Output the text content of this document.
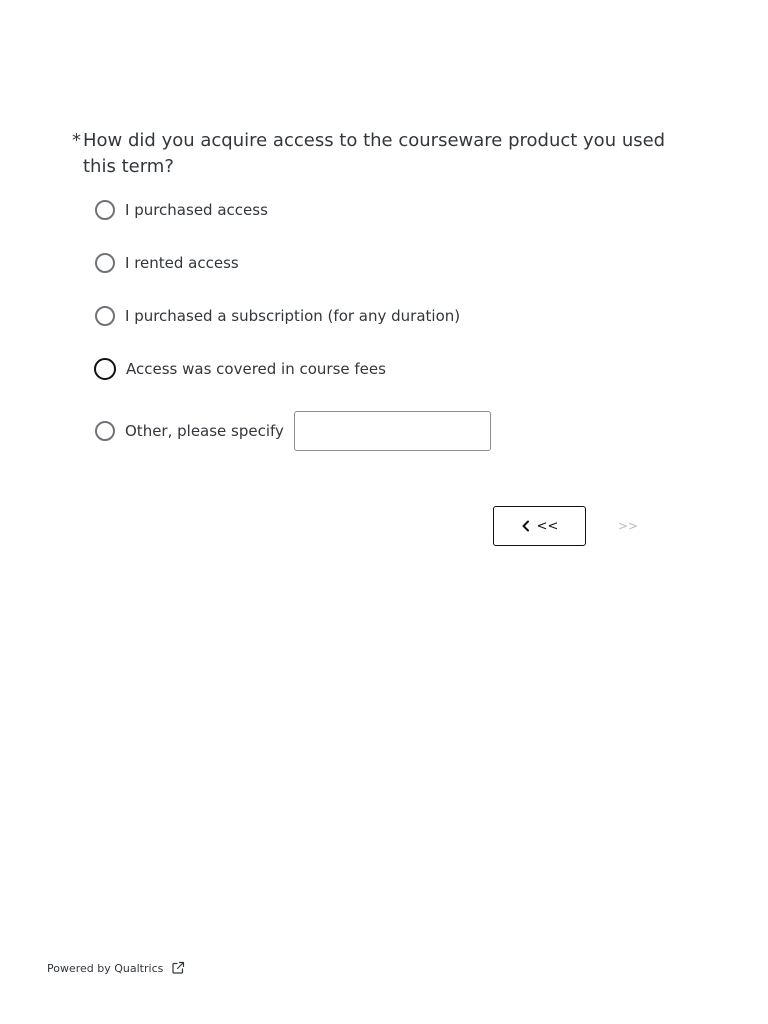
* How did you acquire access to the courseware product you used this term?
I purchased access
I rented access
I purchased a subscription (for any duration)
Access was covered in course fees
Other, please specify
<<	>>
Powered by Qualtrics
